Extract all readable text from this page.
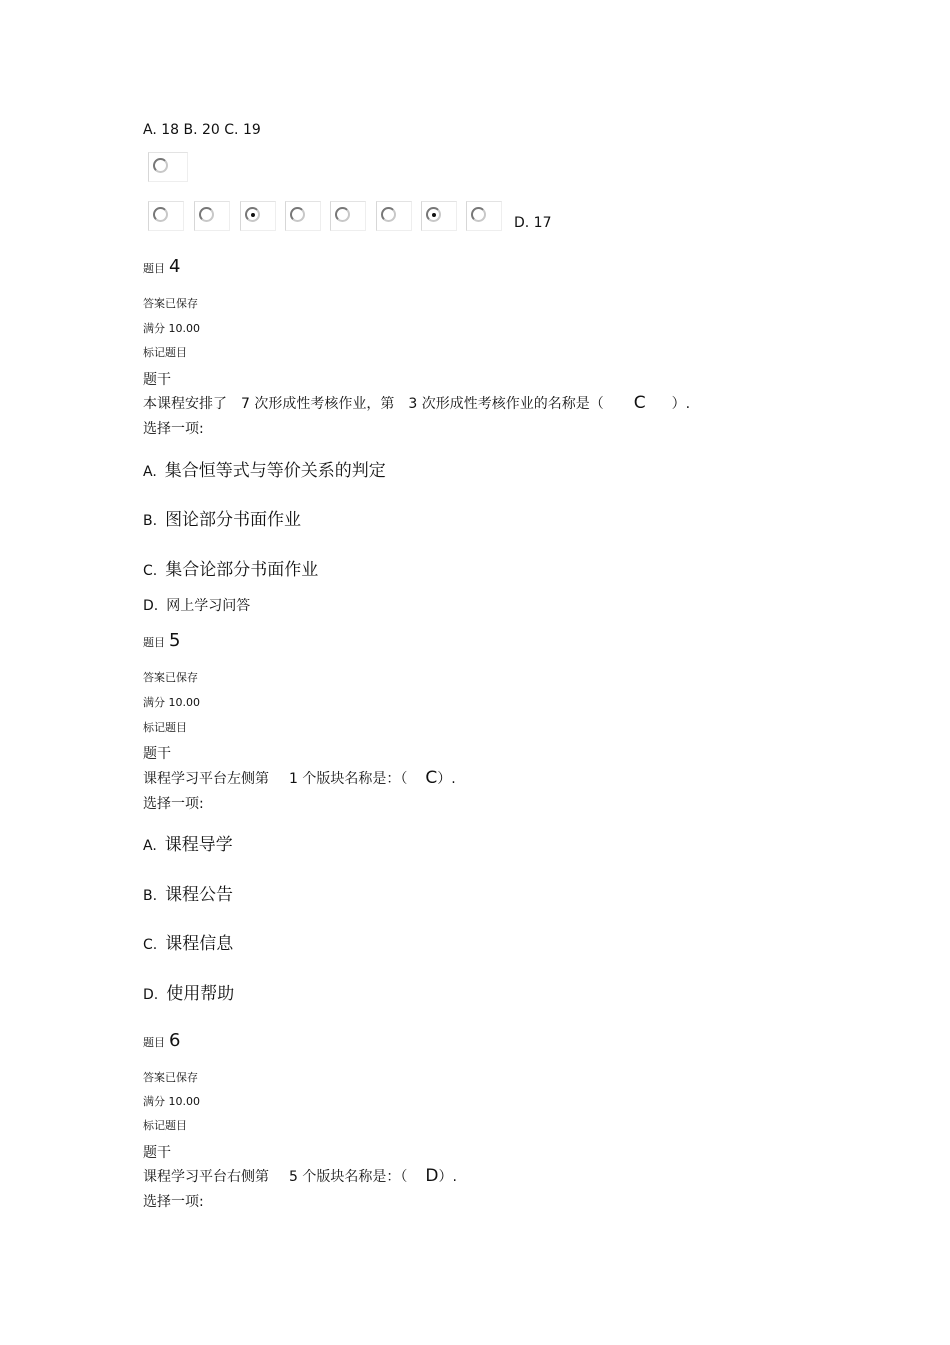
A. 18 B. 20 C. 19
D. 17
题目 4
答案已保存
满分 10.00
标记题目
题干
本课程安排了 7 次形成性考核作业，第 3 次形成性考核作业的名称是（ C ）.
选择一项:
A. 集合恒等式与等价关系的判定
B. 图论部分书面作业
C. 集合论部分书面作业
D. 网上学习问答
题目 5
答案已保存
满分 10.00
标记题目
题干
课程学习平台左侧第 1 个版块名称是：（ C）.
选择一项:
A. 课程导学
B. 课程公告
C. 课程信息
D. 使用帮助
题目 6
答案已保存
满分 10.00
标记题目
题干
课程学习平台右侧第 5 个版块名称是：（ D）.
选择一项:
